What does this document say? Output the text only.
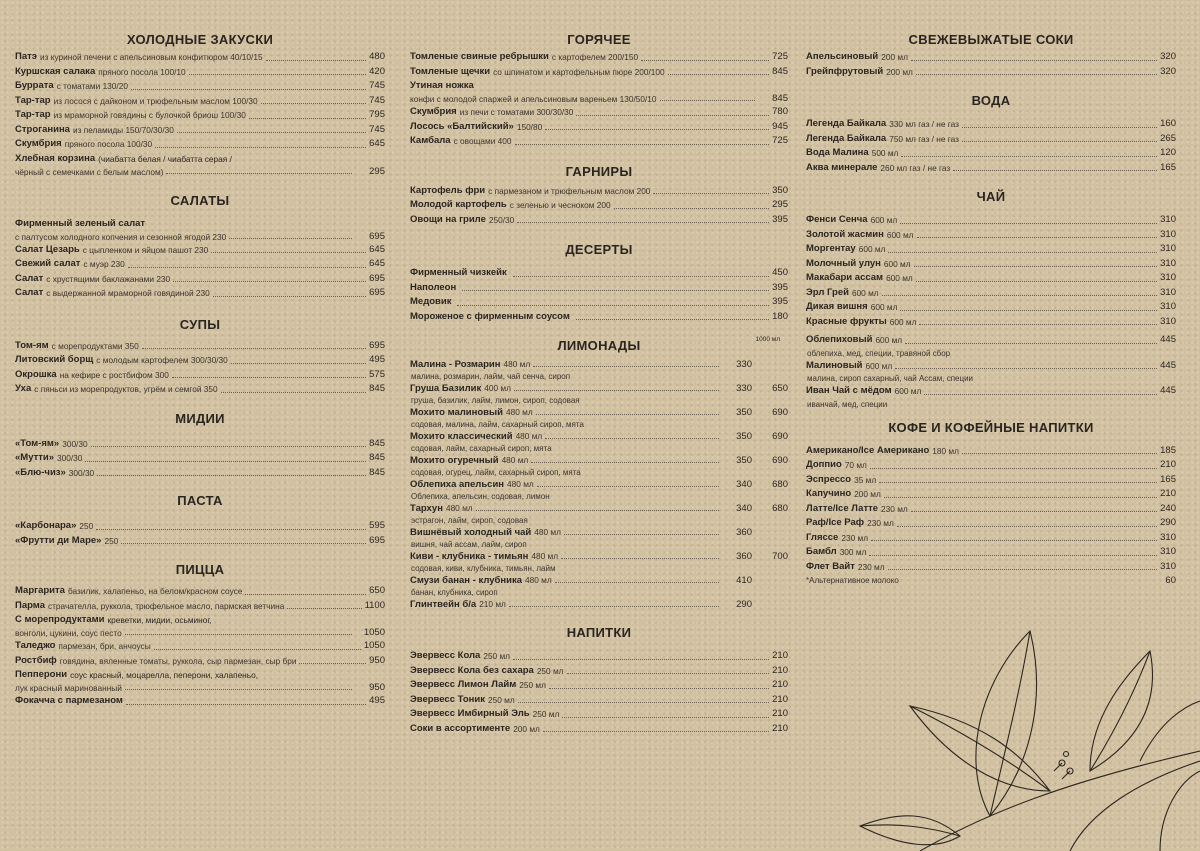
ХОЛОДНЫЕ ЗАКУСКИ
Патэ из куриной печени с апельсиновым конфитюром 40/10/15	480
Куршская салака пряного посола 100/10	420
Буррата с томатами 130/20	745
Тар-тар из лосося с дайконом и трюфельным маслом 100/30	745
Тар-тар из мраморной говядины с булочкой бриош 100/30	795
Строганина из пеламиды 150/70/30/30	745
Скумбрия пряного посола 100/30	645
Хлебная корзина (чиабатта белая / чиабатта серая /
чёрный с семечками с белым маслом)	295
САЛАТЫ
Фирменный зеленый салат
с палтусом холодного копчения и сезонной ягодой 230	695
Салат Цезарь с цыпленком и яйцом пашот 230	645
Свежий салат с муэр 230	645
Салат с хрустящими баклажанами 230	695
Салат с выдержанной мраморной говядиной 230	695
СУПЫ
Том-ям с морепродуктами 350	695
Литовский борщ с молодым картофелем 300/30/30	495
Окрошка на кефире с ростбифом 300	575
Уха с пяньси из морепродуктов, угрём и семгой 350	845
МИДИИ
«Том-ям» 300/30	845
«Мутти» 300/30	845
«Блю-чиз» 300/30	845
ПАСТА
«Карбонара» 250	595
«Фрутти ди Маре» 250	695
ПИЦЦА
Маргарита базилик, халапеньо, на белом/красном соусе	650
Парма страчателла, руккола, трюфельное масло, пармская ветчина	1100
С морепродуктами креветки, мидии, осьминог,
вонголи, цукини, соус песто	1050
Таледжо пармезан, бри, анчоусы	1050
Ростбиф говядина, вяленные томаты, руккола, сыр пармезан, сыр бри	950
Пепперони соус красный, моцарелла, пеперони, халапеньо,
лук красный маринованный	950
Фокачча с пармезаном	495
ГОРЯЧЕЕ
Томленые свиные ребрышки с картофелем 200/150	725
Томленые щечки со шпинатом и картофельным пюре 200/100	845
Утиная ножка
конфи с молодой спаржей и апельсиновым вареньем 130/50/10	845
Скумбрия из печи с томатами 300/30/30	780
Лосось «Балтийский» 150/80	945
Камбала с овощами 400	725
ГАРНИРЫ
Картофель фри с пармезаном и трюфельным маслом 200	350
Молодой картофель с зеленью и чесноком 200	295
Овощи на гриле 250/30	395
ДЕСЕРТЫ
Фирменный чизкейк	450
Наполеон	395
Медовик	395
Мороженое с фирменным соусом	180
ЛИМОНАДЫ	1000 мл
Малина - Розмарин 480 мл	330
малина, розмарин, лайм, чай сенча, сироп
Груша Базилик 400 мл	330	650
груша, базилик, лайм, лимон, сироп, содовая
Мохито малиновый 480 мл	350	690
содовая, малина, лайм, сахарный сироп, мята
Мохито классический 480 мл	350	690
содовая, лайм, сахарный сироп, мята
Мохито огуречный 480 мл	350	690
содовая, огурец, лайм, сахарный сироп, мята
Облепиха апельсин 480 мл	340	680
Облепиха, апельсин, содовая, лимон
Тархун 480 мл	340	680
эстрагон, лайм, сироп, содовая
Вишнёвый холодный чай 480 мл	360
вишня, чай ассам, лайм, сироп
Киви - клубника - тимьян 480 мл	360	700
содовая, киви, клубника, тимьян, лайм
Смузи банан - клубника 480 мл	410
банан, клубника, сироп
Глинтвейн б/а 210 мл	290
НАПИТКИ
Эвервесс Кола 250 мл	210
Эвервесс Кола без сахара 250 мл	210
Эвервесс Лимон Лайм 250 мл	210
Эвервесс Тоник 250 мл	210
Эвервесс Имбирный Эль 250 мл	210
Соки в ассортименте 200 мл	210
СВЕЖЕВЫЖАТЫЕ СОКИ
Апельсиновый 200 мл	320
Грейпфрутовый 200 мл	320
ВОДА
Легенда Байкала 330 мл газ / не газ	160
Легенда Байкала 750 мл газ / не газ	265
Вода Малина 500 мл	120
Аква минерале 260 мл газ / не газ	165
ЧАЙ
Фенси Сенча 600 мл	310
Золотой жасмин 600 мл	310
Моргентау 600 мл	310
Молочный улун 600 мл	310
Макабари ассам 600 мл	310
Эрл Грей 600 мл	310
Дикая вишня 600 мл	310
Красные фрукты 600 мл	310
Облепиховый 600 мл	445
облепиха, мед, специи, травяной сбор
Малиновый 600 мл	445
малина, сироп сахарный, чай Ассам, специи
Иван Чай с мёдом 600 мл	445
иванчай, мед, специи
КОФЕ И КОФЕЙНЫЕ НАПИТКИ
Американо/Ice Американо 180 мл	185
Доппио 70 мл	210
Эспрессо 35 мл	165
Капучино 200 мл	210
Латте/Ice Латте 230 мл	240
Раф/Ice Раф 230 мл	290
Гляссе 230 мл	310
Бамбл 300 мл	310
Флет Вайт 230 мл	310
*Альтернативное молоко	60
